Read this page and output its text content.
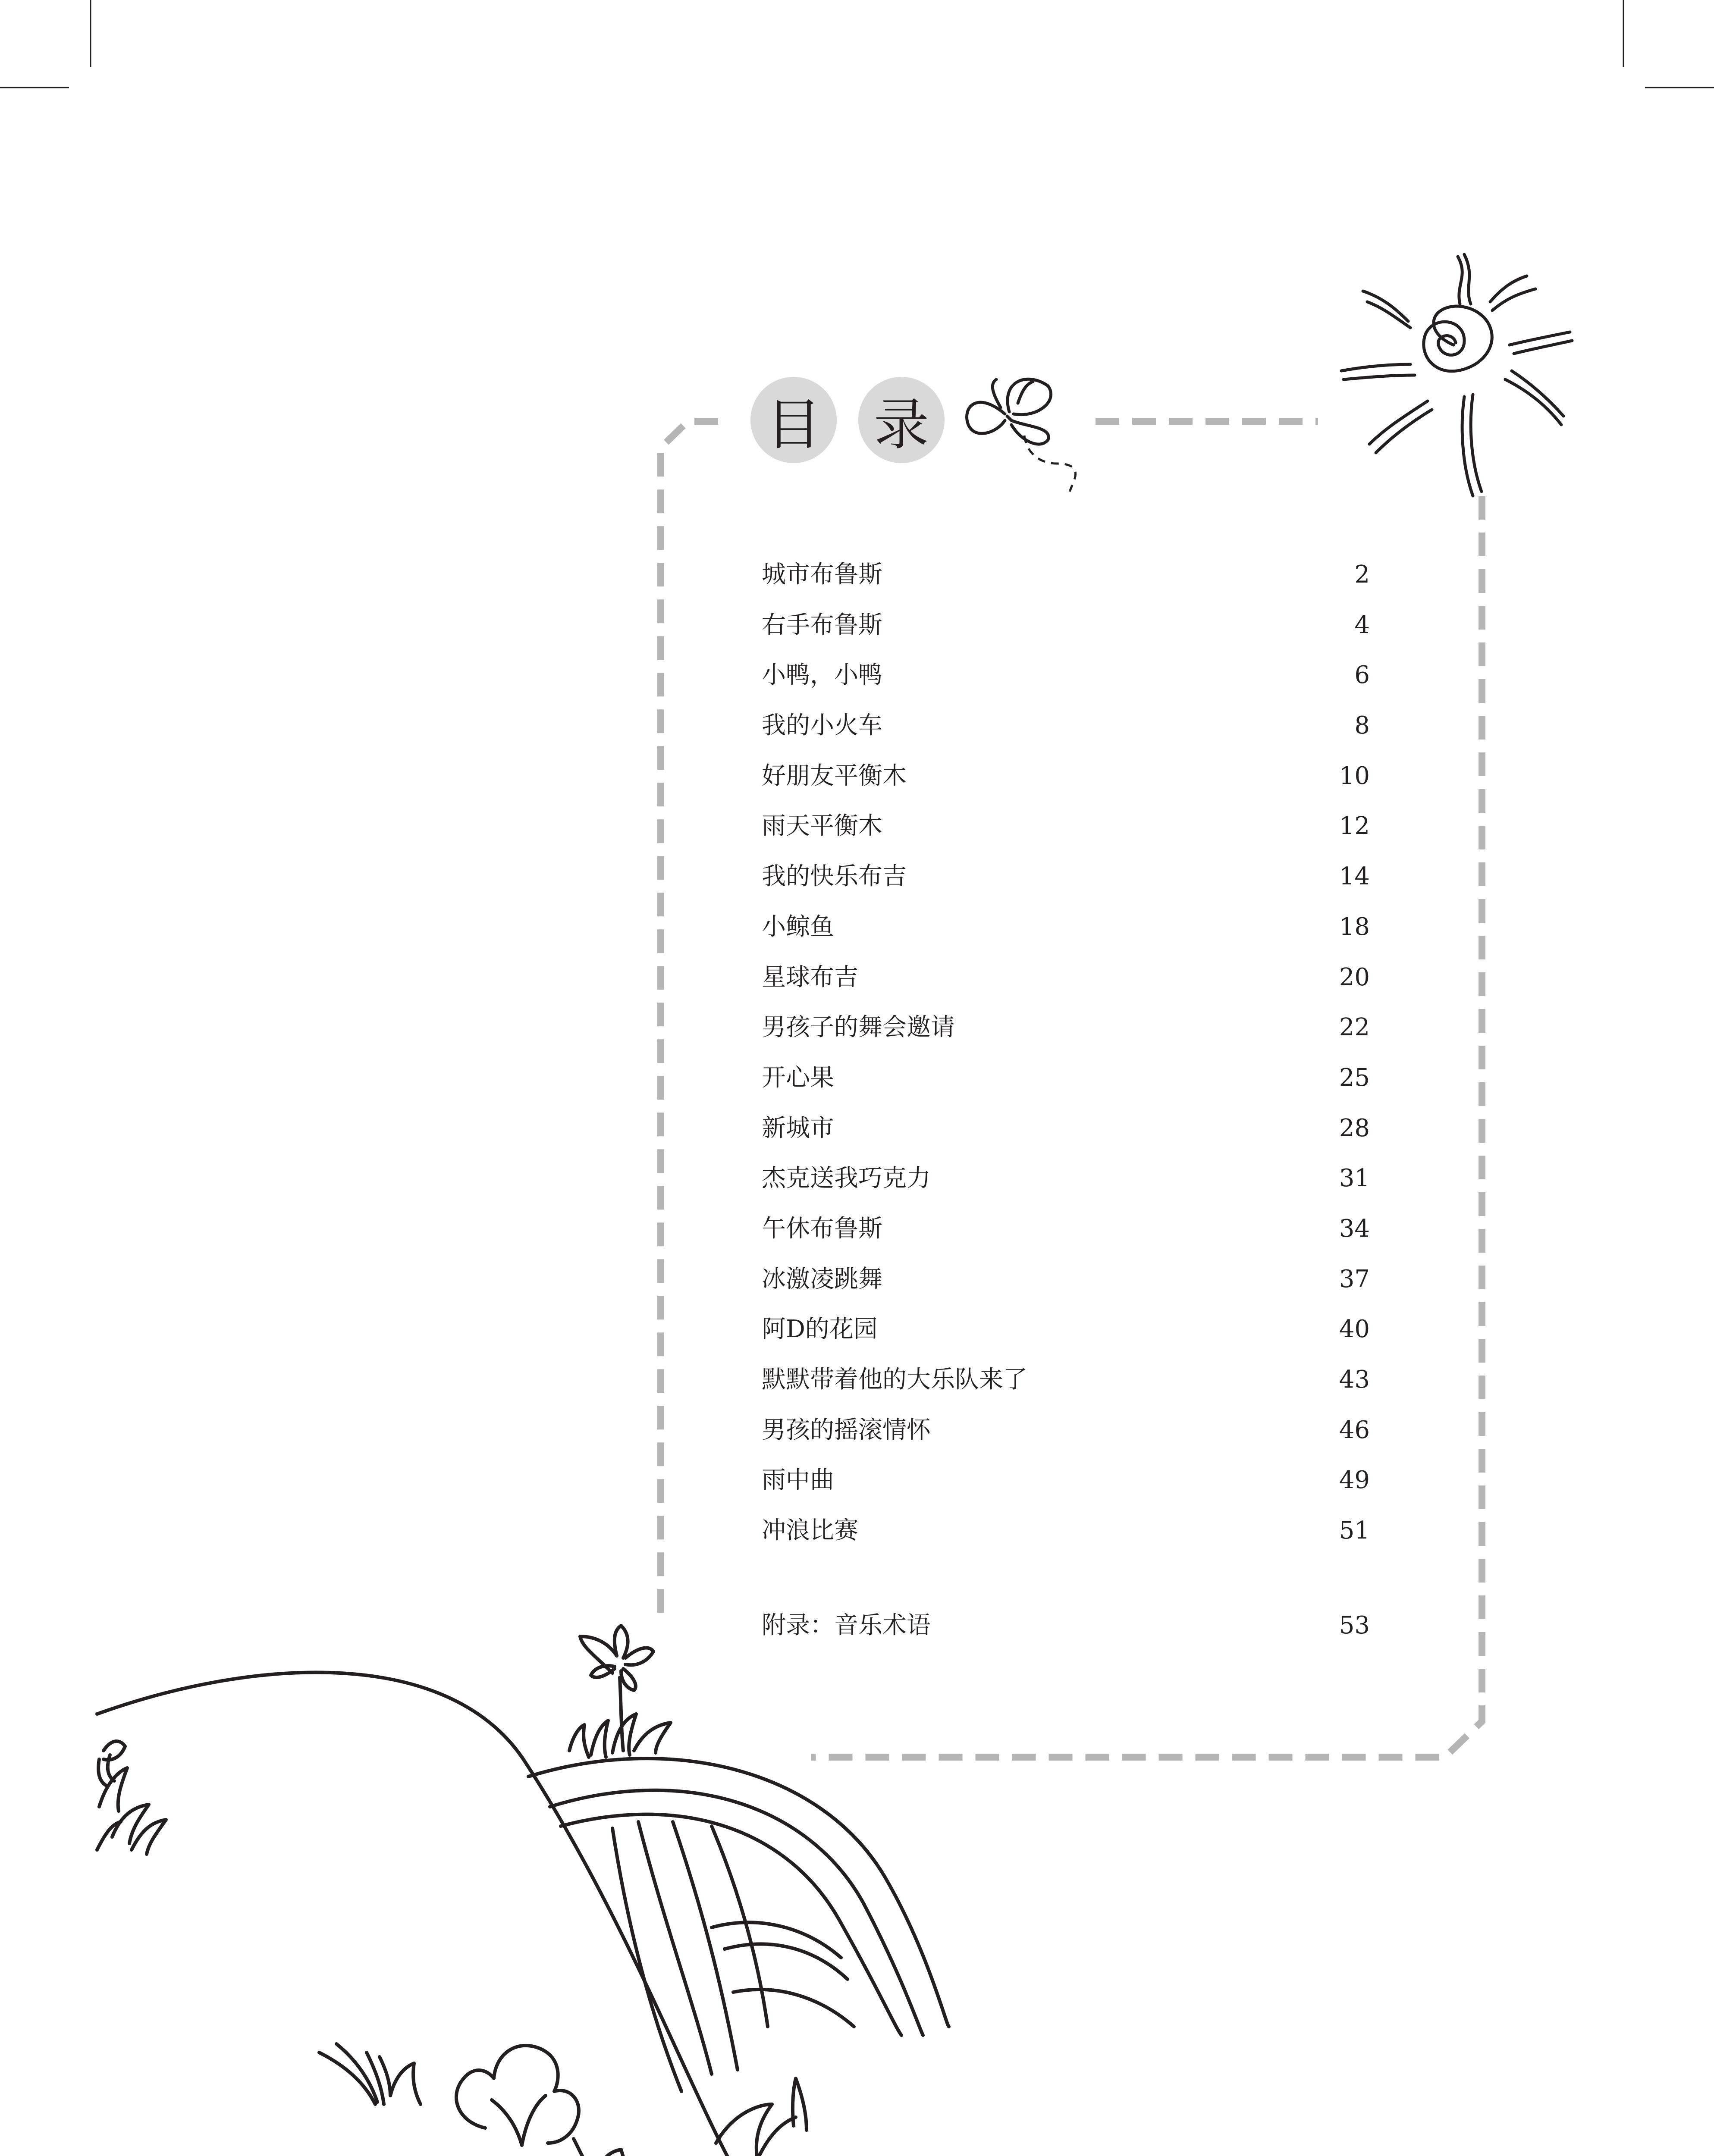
目 录
城市布鲁斯	2
右手布鲁斯	4
小鸭，小鸭	6
我的小火车	8
好朋友平衡木	10
雨天平衡木	12
我的快乐布吉	14
小鲸鱼	18
星球布吉	20
男孩子的舞会邀请	22
开心果	25
新城市	28
杰克送我巧克力	31
午休布鲁斯	34
冰激凌跳舞	37
阿D的花园	40
默默带着他的大乐队来了	43
男孩的摇滚情怀	46
雨中曲	49
冲浪比赛	51
附录：音乐术语	53
